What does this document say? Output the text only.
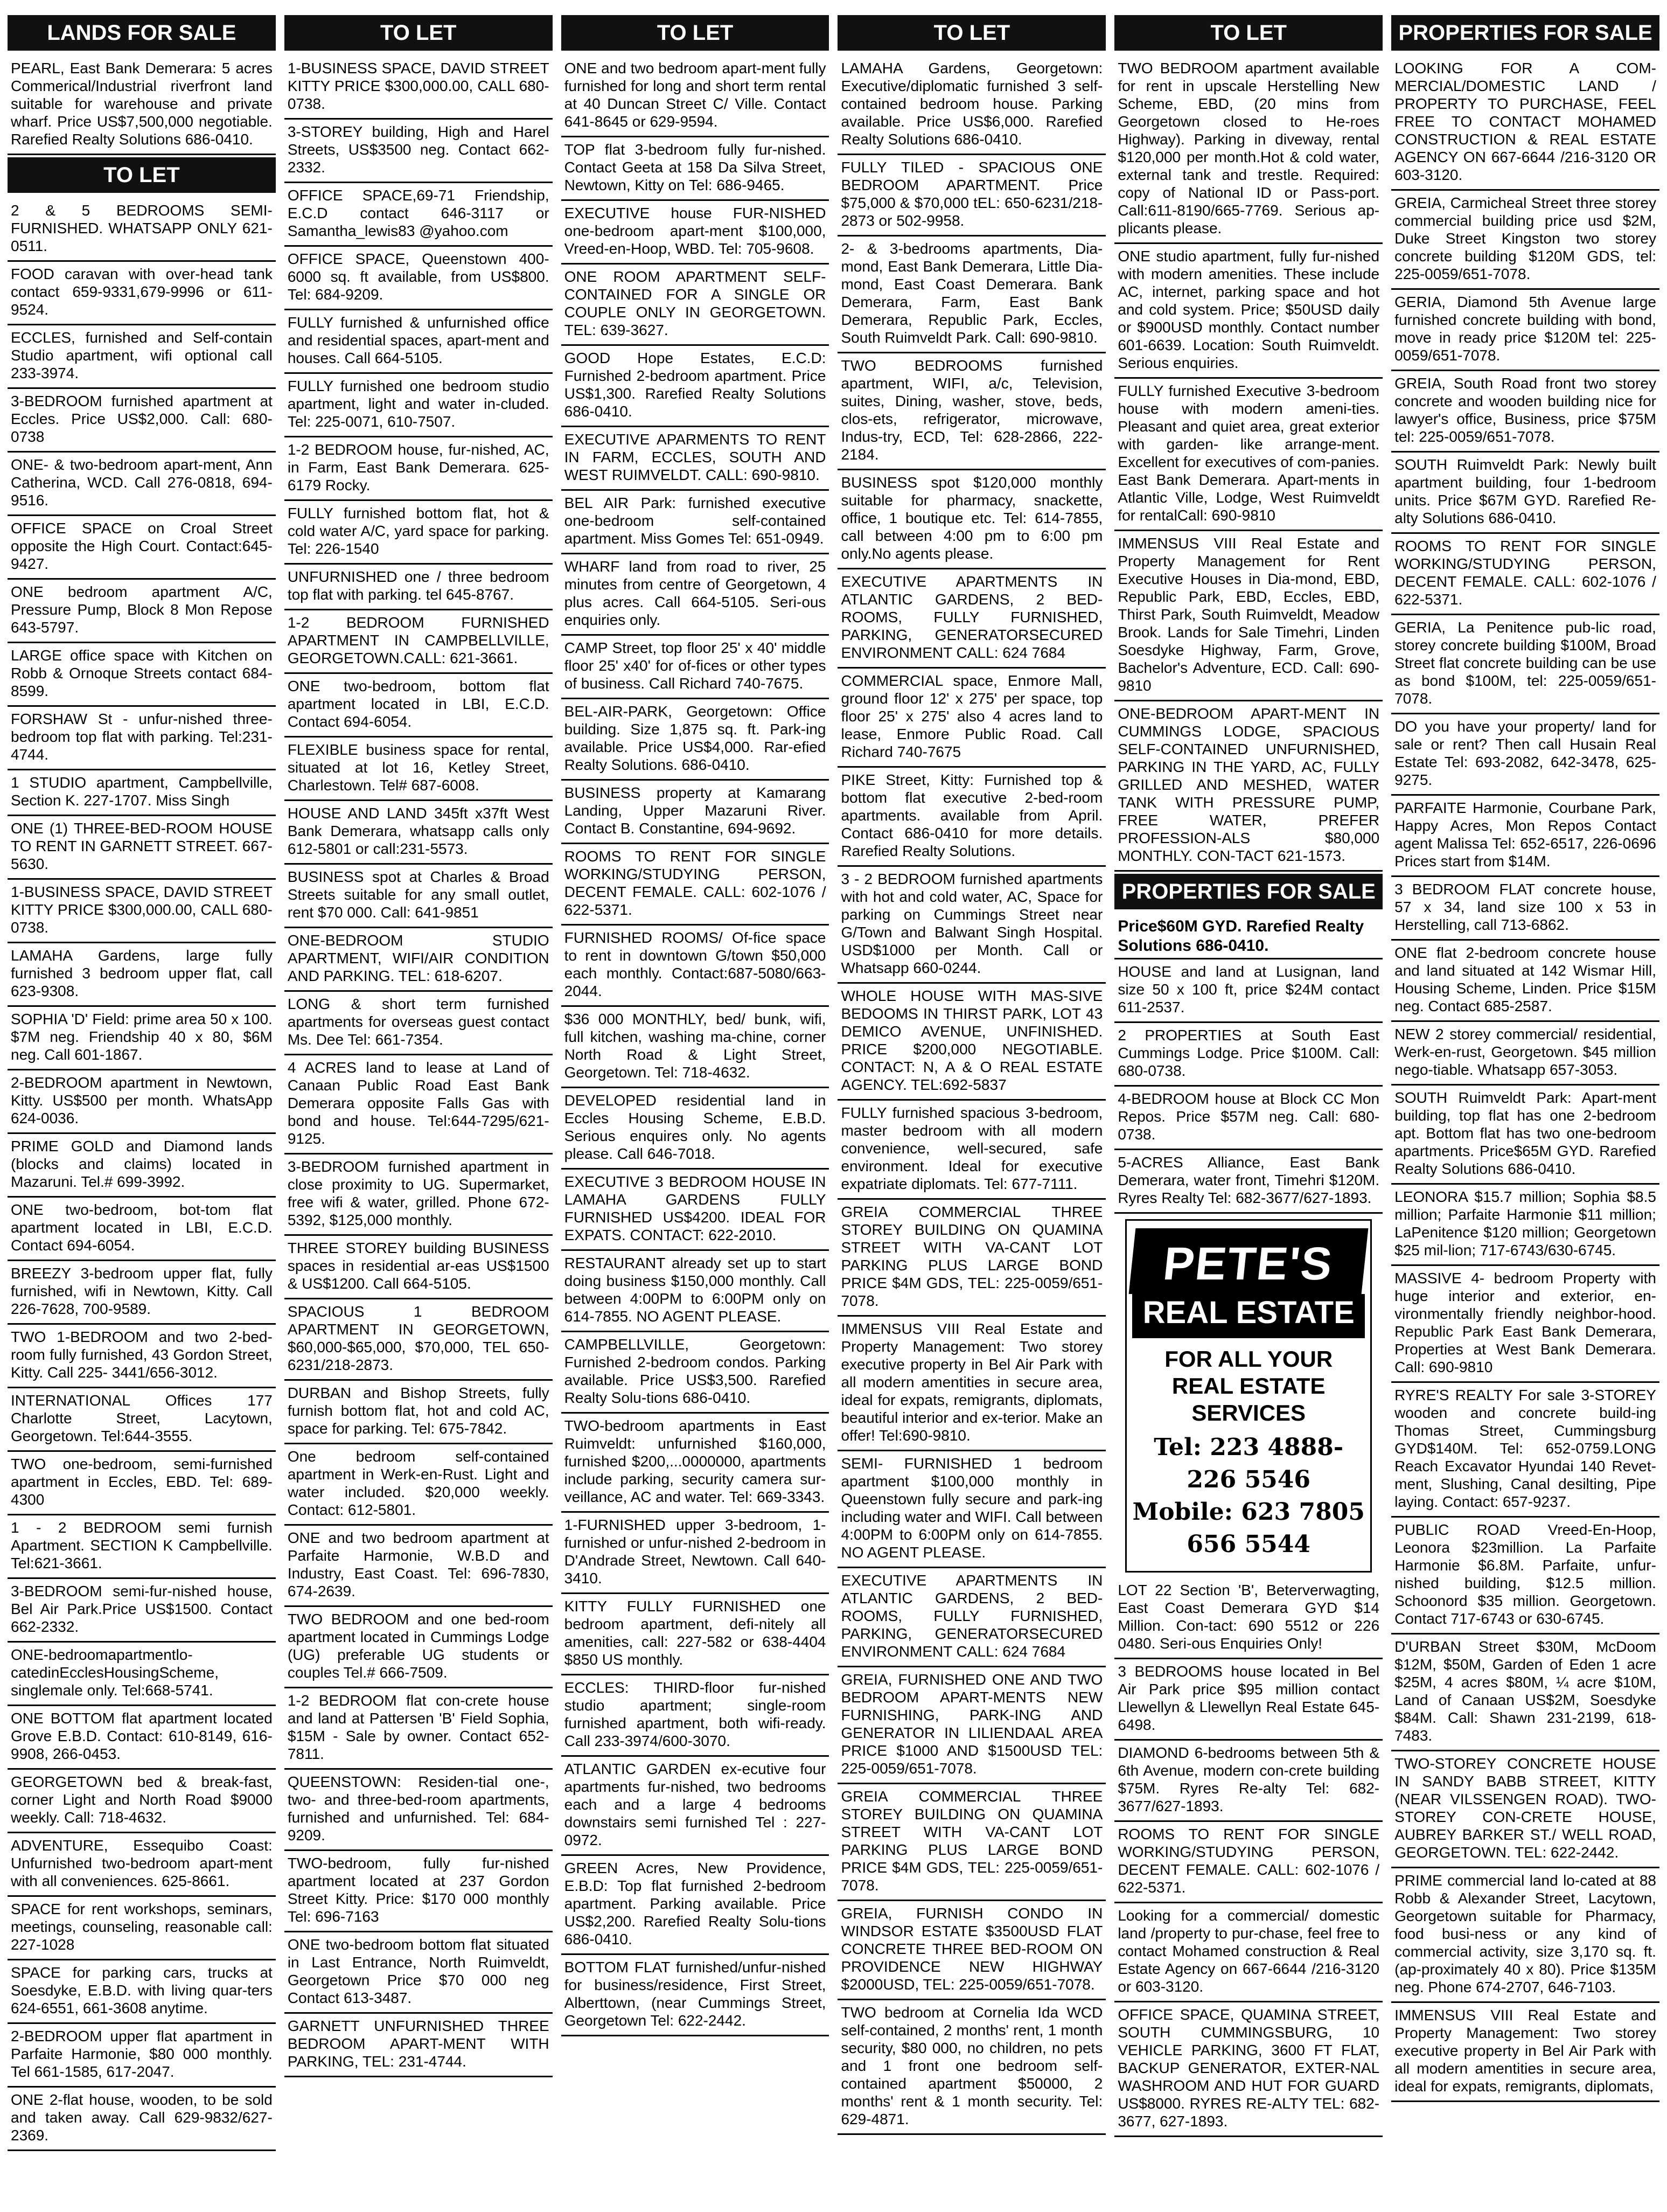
LANDS FOR SALE
PEARL, East Bank Demerara: 5 acres Commerical/Industrial riverfront land suitable for warehouse and private wharf. Price US$7,500,000 negotiable. Rarefied Realty Solutions 686-0410.
TO LET
2 & 5 BEDROOMS SEMI-FURNISHED. WHATSAPP ONLY 621-0511.
FOOD caravan with over-head tank contact 659-9331,679-9996 or 611-9524.
ECCLES, furnished and Self-contain Studio apartment, wifi optional call 233-3974.
3-BEDROOM furnished apartment at Eccles. Price US$2,000. Call: 680-0738
ONE- & two-bedroom apart-ment, Ann Catherina, WCD. Call 276-0818, 694-9516.
OFFICE SPACE on Croal Street opposite the High Court. Contact:645-9427.
ONE bedroom apartment A/C, Pressure Pump, Block 8 Mon Repose 643-5797.
LARGE office space with Kitchen on Robb & Ornoque Streets contact 684-8599.
FORSHAW St - unfur-nished three-bedroom top flat with parking. Tel:231-4744.
1 STUDIO apartment, Campbellville, Section K. 227-1707. Miss Singh
ONE (1) THREE-BED-ROOM HOUSE TO RENT IN GARNETT STREET. 667-5630.
1-BUSINESS SPACE, DAVID STREET KITTY PRICE $300,000.00, CALL 680-0738.
LAMAHA Gardens, large fully furnished 3 bedroom upper flat, call 623-9308.
SOPHIA 'D' Field: prime area 50 x 100. $7M neg. Friendship 40 x 80, $6M neg. Call 601-1867.
2-BEDROOM apartment in Newtown, Kitty. US$500 per month. WhatsApp 624-0036.
PRIME GOLD and Diamond lands (blocks and claims) located in Mazaruni. Tel.# 699-3992.
ONE two-bedroom, bot-tom flat apartment located in LBI, E.C.D. Contact 694-6054.
BREEZY 3-bedroom upper flat, fully furnished, wifi in Newtown, Kitty. Call 226-7628, 700-9589.
TWO 1-BEDROOM and two 2-bed-room fully furnished, 43 Gordon Street, Kitty. Call 225- 3441/656-3012.
INTERNATIONAL Offices 177 Charlotte Street, Lacytown, Georgetown. Tel:644-3555.
TWO one-bedroom, semi-furnished apartment in Eccles, EBD. Tel: 689-4300
1 - 2 BEDROOM semi furnish Apartment. SECTION K Campbellville. Tel:621-3661.
3-BEDROOM semi-fur-nished house, Bel Air Park.Price US$1500. Contact 662-2332.
ONE-bedroomapartmentlo-catedinEcclesHousingScheme, singlemale only. Tel:668-5741.
ONE BOTTOM flat apartment located Grove E.B.D. Contact: 610-8149, 616-9908, 266-0453.
GEORGETOWN bed & break-fast, corner Light and North Road $9000 weekly. Call: 718-4632.
ADVENTURE, Essequibo Coast: Unfurnished two-bedroom apart-ment with all conveniences. 625-8661.
SPACE for rent workshops, seminars, meetings, counseling, reasonable call: 227-1028
SPACE for parking cars, trucks at Soesdyke, E.B.D. with living quar-ters 624-6551, 661-3608 anytime.
2-BEDROOM upper flat apartment in Parfaite Harmonie, $80 000 monthly. Tel 661-1585, 617-2047.
ONE 2-flat house, wooden, to be sold and taken away. Call 629-9832/627-2369.
TO LET
1-BUSINESS SPACE, DAVID STREET KITTY PRICE $300,000.00, CALL 680-0738.
3-STOREY building, High and Harel Streets, US$3500 neg. Contact 662-2332.
OFFICE SPACE,69-71 Friendship, E.C.D contact 646-3117 or Samantha_lewis83 @yahoo.com
OFFICE SPACE, Queenstown 400-6000 sq. ft available, from US$800. Tel: 684-9209.
FULLY furnished & unfurnished office and residential spaces, apart-ment and houses. Call 664-5105.
FULLY furnished one bedroom studio apartment, light and water in-cluded. Tel: 225-0071, 610-7507.
1-2 BEDROOM house, fur-nished, AC, in Farm, East Bank Demerara. 625-6179 Rocky.
FULLY furnished bottom flat, hot & cold water A/C, yard space for parking. Tel: 226-1540
UNFURNISHED one / three bedroom top flat with parking. tel 645-8767.
1-2 BEDROOM FURNISHED APARTMENT IN CAMPBELLVILLE, GEORGETOWN.CALL: 621-3661.
ONE two-bedroom, bottom flat apartment located in LBI, E.C.D. Contact 694-6054.
FLEXIBLE business space for rental, situated at lot 16, Ketley Street, Charlestown. Tel# 687-6008.
HOUSE AND LAND 345ft x37ft West Bank Demerara, whatsapp calls only 612-5801 or call:231-5573.
BUSINESS spot at Charles & Broad Streets suitable for any small outlet, rent $70 000. Call: 641-9851
ONE-BEDROOM STUDIO APARTMENT, WIFI/AIR CONDITION AND PARKING. TEL: 618-6207.
LONG & short term furnished apartments for overseas guest contact Ms. Dee Tel: 661-7354.
4 ACRES land to lease at Land of Canaan Public Road East Bank Demerara opposite Falls Gas with bond and house. Tel:644-7295/621-9125.
3-BEDROOM furnished apartment in close proximity to UG. Supermarket, free wifi & water, grilled. Phone 672-5392, $125,000 monthly.
THREE STOREY building BUSINESS spaces in residential ar-eas US$1500 & US$1200. Call 664-5105.
SPACIOUS 1 BEDROOM APARTMENT IN GEORGETOWN, $60,000-$65,000, $70,000, TEL 650-6231/218-2873.
DURBAN and Bishop Streets, fully furnish bottom flat, hot and cold AC, space for parking. Tel: 675-7842.
One bedroom self-contained apartment in Werk-en-Rust. Light and water included. $20,000 weekly. Contact: 612-5801.
ONE and two bedroom apartment at Parfaite Harmonie, W.B.D and Industry, East Coast. Tel: 696-7830, 674-2639.
TWO BEDROOM and one bed-room apartment located in Cummings Lodge (UG) preferable UG students or couples Tel.# 666-7509.
1-2 BEDROOM flat con-crete house and land at Pattersen 'B' Field Sophia, $15M - Sale by owner. Contact 652-7811.
QUEENSTOWN: Residen-tial one-, two- and three-bed-room apartments, furnished and unfurnished. Tel: 684-9209.
TWO-bedroom, fully fur-nished apartment located at 237 Gordon Street Kitty. Price: $170 000 monthly Tel: 696-7163
ONE two-bedroom bottom flat situated in Last Entrance, North Ruimveldt, Georgetown Price $70 000 neg Contact 613-3487.
GARNETT UNFURNISHED THREE BEDROOM APART-MENT WITH PARKING, TEL: 231-4744.
TO LET
ONE and two bedroom apart-ment fully furnished for long and short term rental at 40 Duncan Street C/ Ville. Contact 641-8645 or 629-9594.
TOP flat 3-bedroom fully fur-nished. Contact Geeta at 158 Da Silva Street, Newtown, Kitty on Tel: 686-9465.
EXECUTIVE house FUR-NISHED one-bedroom apart-ment $100,000, Vreed-en-Hoop, WBD. Tel: 705-9608.
ONE ROOM APARTMENT SELF-CONTAINED FOR A SINGLE OR COUPLE ONLY IN GEORGETOWN. TEL: 639-3627.
GOOD Hope Estates, E.C.D: Furnished 2-bedroom apartment. Price US$1,300. Rarefied Realty Solutions 686-0410.
EXECUTIVE APARMENTS TO RENT IN FARM, ECCLES, SOUTH AND WEST RUIMVELDT. CALL: 690-9810.
BEL AIR Park: furnished executive one-bedroom self-contained apartment. Miss Gomes Tel: 651-0949.
WHARF land from road to river, 25 minutes from centre of Georgetown, 4 plus acres. Call 664-5105. Seri-ous enquiries only.
CAMP Street, top floor 25' x 40' middle floor 25' x40' for of-fices or other types of business. Call Richard 740-7675.
BEL-AIR-PARK, Georgetown: Office building. Size 1,875 sq. ft. Park-ing available. Price US$4,000. Rar-efied Realty Solutions. 686-0410.
BUSINESS property at Kamarang Landing, Upper Mazaruni River. Contact B. Constantine, 694-9692.
ROOMS TO RENT FOR SINGLE WORKING/STUDYING PERSON, DECENT FEMALE. CALL: 602-1076 / 622-5371.
FURNISHED ROOMS/ Of-fice space to rent in downtown G/town $50,000 each monthly. Contact:687-5080/663-2044.
$36 000 MONTHLY, bed/ bunk, wifi, full kitchen, washing ma-chine, corner North Road & Light Street, Georgetown. Tel: 718-4632.
DEVELOPED residential land in Eccles Housing Scheme, E.B.D. Serious enquires only. No agents please. Call 646-7018.
EXECUTIVE 3 BEDROOM HOUSE IN LAMAHA GARDENS FULLY FURNISHED US$4200. IDEAL FOR EXPATS. CONTACT: 622-2010.
RESTAURANT already set up to start doing business $150,000 monthly. Call between 4:00PM to 6:00PM only on 614-7855. NO AGENT PLEASE.
CAMPBELLVILLE, Georgetown: Furnished 2-bedroom condos. Parking available. Price US$3,500. Rarefied Realty Solu-tions 686-0410.
TWO-bedroom apartments in East Ruimveldt: unfurnished $160,000, furnished $200,...0000000, apartments include parking, security camera sur-veillance, AC and water. Tel: 669-3343.
1-FURNISHED upper 3-bedroom, 1-furnished or unfur-nished 2-bedroom in D'Andrade Street, Newtown. Call 640-3410.
KITTY FULLY FURNISHED one bedroom apartment, defi-nitely all amenities, call: 227-582 or 638-4404 $850 US monthly.
ECCLES: THIRD-floor fur-nished studio apartment; single-room furnished apartment, both wifi-ready. Call 233-3974/600-3070.
ATLANTIC GARDEN ex-ecutive four apartments fur-nished, two bedrooms each and a large 4 bedrooms downstairs semi furnished Tel : 227-0972.
GREEN Acres, New Providence, E.B.D: Top flat furnished 2-bedroom apartment. Parking available. Price US$2,200. Rarefied Realty Solu-tions 686-0410.
BOTTOM FLAT furnished/unfur-nished for business/residence, First Street, Alberttown, (near Cummings Street, Georgetown Tel: 622-2442.
TO LET
LAMAHA Gardens, Georgetown: Executive/diplomatic furnished 3 self-contained bedroom house. Parking available. Price US$6,000. Rarefied Realty Solutions 686-0410.
FULLY TILED - SPACIOUS ONE BEDROOM APARTMENT. Price $75,000 & $70,000 tEL: 650-6231/218-2873 or 502-9958.
2- & 3-bedrooms apartments, Dia-mond, East Bank Demerara, Little Dia-mond, East Coast Demerara. Bank Demerara, Farm, East Bank Demerara, Republic Park, Eccles, South Ruimveldt Park. Call: 690-9810.
TWO BEDROOMS furnished apartment, WIFI, a/c, Television, suites, Dining, washer, stove, beds, clos-ets, refrigerator, microwave, Indus-try, ECD, Tel: 628-2866, 222-2184.
BUSINESS spot $120,000 monthly suitable for pharmacy, snackette, office, 1 boutique etc. Tel: 614-7855, call between 4:00 pm to 6:00 pm only.No agents please.
EXECUTIVE APARTMENTS IN ATLANTIC GARDENS, 2 BED-ROOMS, FULLY FURNISHED, PARKING, GENERATORSECURED ENVIRONMENT CALL: 624 7684
COMMERCIAL space, Enmore Mall, ground floor 12' x 275' per space, top floor 25' x 275' also 4 acres land to lease, Enmore Public Road. Call Richard 740-7675
PIKE Street, Kitty: Furnished top & bottom flat executive 2-bed-room apartments. available from April. Contact 686-0410 for more details. Rarefied Realty Solutions.
3 - 2 BEDROOM furnished apartments with hot and cold water, AC, Space for parking on Cummings Street near G/Town and Balwant Singh Hospital. USD$1000 per Month. Call or Whatsapp 660-0244.
WHOLE HOUSE WITH MAS-SIVE BEDOOMS IN THIRST PARK, LOT 43 DEMICO AVENUE, UNFINISHED. PRICE $200,000 NEGOTIABLE. CONTACT: N, A & O REAL ESTATE AGENCY. TEL:692-5837
FULLY furnished spacious 3-bedroom, master bedroom with all modern convenience, well-secured, safe environment. Ideal for executive expatriate diplomats. Tel: 677-7111.
GREIA COMMERCIAL THREE STOREY BUILDING ON QUAMINA STREET WITH VA-CANT LOT PARKING PLUS LARGE BOND PRICE $4M GDS, TEL: 225-0059/651-7078.
IMMENSUS VIII Real Estate and Property Management: Two storey executive property in Bel Air Park with all modern amentities in secure area, ideal for expats, remigrants, diplomats, beautiful interior and ex-terior. Make an offer! Tel:690-9810.
SEMI- FURNISHED 1 bedroom apartment $100,000 monthly in Queenstown fully secure and park-ing including water and WIFI. Call between 4:00PM to 6:00PM only on 614-7855. NO AGENT PLEASE.
EXECUTIVE APARTMENTS IN ATLANTIC GARDENS, 2 BED-ROOMS, FULLY FURNISHED, PARKING, GENERATORSECURED ENVIRONMENT CALL: 624 7684
GREIA, FURNISHED ONE AND TWO BEDROOM APART-MENTS NEW FURNISHING, PARK-ING AND GENERATOR IN LILIENDAAL AREA PRICE $1000 AND $1500USD TEL: 225-0059/651-7078.
GREIA COMMERCIAL THREE STOREY BUILDING ON QUAMINA STREET WITH VA-CANT LOT PARKING PLUS LARGE BOND PRICE $4M GDS, TEL: 225-0059/651-7078.
GREIA, FURNISH CONDO IN WINDSOR ESTATE $3500USD FLAT CONCRETE THREE BED-ROOM ON PROVIDENCE NEW HIGHWAY $2000USD, TEL: 225-0059/651-7078.
TWO bedroom at Cornelia Ida WCD self-contained, 2 months' rent, 1 month security, $80 000, no children, no pets and 1 front one bedroom self-contained apartment $50000, 2 months' rent & 1 month security. Tel: 629-4871.
TO LET
TWO BEDROOM apartment available for rent in upscale Herstelling New Scheme, EBD, (20 mins from Georgetown closed to He-roes Highway). Parking in diveway, rental $120,000 per month.Hot & cold water, external tank and trestle. Required: copy of National ID or Pass-port. Call:611-8190/665-7769. Serious ap-plicants please.
ONE studio apartment, fully fur-nished with modern amenities. These include AC, internet, parking space and hot and cold system. Price; $50USD daily or $900USD monthly. Contact number 601-6639. Location: South Ruimveldt. Serious enquiries.
FULLY furnished Executive 3-bedroom house with modern ameni-ties. Pleasant and quiet area, great exterior with garden- like arrange-ment. Excellent for executives of com-panies. East Bank Demerara. Apart-ments in Atlantic Ville, Lodge, West Ruimveldt for rentalCall: 690-9810
IMMENSUS VIII Real Estate and Property Management for Rent Executive Houses in Dia-mond, EBD, Republic Park, EBD, Eccles, EBD, Thirst Park, South Ruimveldt, Meadow Brook. Lands for Sale Timehri, Linden Soesdyke Highway, Farm, Grove, Bachelor's Adventure, ECD. Call: 690-9810
ONE-BEDROOM APART-MENT IN CUMMINGS LODGE, SPACIOUS SELF-CONTAINED UNFURNISHED, PARKING IN THE YARD, AC, FULLY GRILLED AND MESHED, WATER TANK WITH PRESSURE PUMP, FREE WATER, PREFER PROFESSION-ALS $80,000 MONTHLY. CON-TACT 621-1573.
PROPERTIES FOR SALE
Price$60M GYD. Rarefied Realty Solutions 686-0410.
HOUSE and land at Lusignan, land size 50 x 100 ft, price $24M contact 611-2537.
2 PROPERTIES at South East Cummings Lodge. Price $100M. Call: 680-0738.
4-BEDROOM house at Block CC Mon Repos. Price $57M neg. Call: 680-0738.
5-ACRES Alliance, East Bank Demerara, water front, Timehri $120M. Ryres Realty Tel: 682-3677/627-1893.
PETE'S
REAL ESTATE
FOR ALL YOUR REAL ESTATE SERVICES
Tel: 223 4888-
226 5546
Mobile: 623 7805
656 5544
LOT 22 Section 'B', Beterverwagting, East Coast Demerara GYD $14 Million. Con-tact: 690 5512 or 226 0480. Seri-ous Enquiries Only!
3 BEDROOMS house located in Bel Air Park price $95 million contact Llewellyn & Llewellyn Real Estate 645-6498.
DIAMOND 6-bedrooms between 5th & 6th Avenue, modern con-crete building $75M. Ryres Re-alty Tel: 682-3677/627-1893.
ROOMS TO RENT FOR SINGLE WORKING/STUDYING PERSON, DECENT FEMALE. CALL: 602-1076 / 622-5371.
Looking for a commercial/ domestic land /property to pur-chase, feel free to contact Mohamed construction & Real Estate Agency on 667-6644 /216-3120 or 603-3120.
OFFICE SPACE, QUAMINA STREET, SOUTH CUMMINGSBURG, 10 VEHICLE PARKING, 3600 FT FLAT, BACKUP GENERATOR, EXTER-NAL WASHROOM AND HUT FOR GUARD US$8000. RYRES RE-ALTY TEL: 682-3677, 627-1893.
PROPERTIES FOR SALE
LOOKING FOR A COM-MERCIAL/DOMESTIC LAND / PROPERTY TO PURCHASE, FEEL FREE TO CONTACT MOHAMED CONSTRUCTION & REAL ESTATE AGENCY ON 667-6644 /216-3120 OR 603-3120.
GREIA, Carmicheal Street three storey commercial building price usd $2M, Duke Street Kingston two storey concrete building $120M GDS, tel: 225-0059/651-7078.
GERIA, Diamond 5th Avenue large furnished concrete building with bond, move in ready price $120M tel: 225-0059/651-7078.
GREIA, South Road front two storey concrete and wooden building nice for lawyer's office, Business, price $75M tel: 225-0059/651-7078.
SOUTH Ruimveldt Park: Newly built apartment building, four 1-bedroom units. Price $67M GYD. Rarefied Re-alty Solutions 686-0410.
ROOMS TO RENT FOR SINGLE WORKING/STUDYING PERSON, DECENT FEMALE. CALL: 602-1076 / 622-5371.
GERIA, La Penitence pub-lic road, storey concrete building $100M, Broad Street flat concrete building can be use as bond $100M, tel: 225-0059/651-7078.
DO you have your property/ land for sale or rent? Then call Husain Real Estate Tel: 693-2082, 642-3478, 625-9275.
PARFAITE Harmonie, Courbane Park, Happy Acres, Mon Repos Contact agent Malissa Tel: 652-6517, 226-0696 Prices start from $14M.
3 BEDROOM FLAT concrete house, 57 x 34, land size 100 x 53 in Herstelling, call 713-6862.
ONE flat 2-bedroom concrete house and land situated at 142 Wismar Hill, Housing Scheme, Linden. Price $15M neg. Contact 685-2587.
NEW 2 storey commercial/ residential, Werk-en-rust, Georgetown. $45 million nego-tiable. Whatsapp 657-3053.
SOUTH Ruimveldt Park: Apart-ment building, top flat has one 2-bedroom apt. Bottom flat has two one-bedroom apartments. Price$65M GYD. Rarefied Realty Solutions 686-0410.
LEONORA $15.7 million; Sophia $8.5 million; Parfaite Harmonie $11 million; LaPenitence $120 million; Georgetown $25 mil-lion; 717-6743/630-6745.
MASSIVE 4- bedroom Property with huge interior and exterior, en-vironmentally friendly neighbor-hood. Republic Park East Bank Demerara, Properties at West Bank Demerara. Call: 690-9810
RYRE'S REALTY For sale 3-STOREY wooden and concrete build-ing Thomas Street, Cummingsburg GYD$140M. Tel: 652-0759.LONG Reach Excavator Hyundai 140 Revet-ment, Slushing, Canal desilting, Pipe laying. Contact: 657-9237.
PUBLIC ROAD Vreed-En-Hoop, Leonora $23million. La Parfaite Harmonie $6.8M. Parfaite, unfur-nished building, $12.5 million. Schoonord $35 million. Georgetown. Contact 717-6743 or 630-6745.
D'URBAN Street $30M, McDoom $12M, $50M, Garden of Eden 1 acre $25M, 4 acres $80M, ¼ acre $10M, Land of Canaan US$2M, Soesdyke $84M. Call: Shawn 231-2199, 618-7483.
TWO-STOREY CONCRETE HOUSE IN SANDY BABB STREET, KITTY (NEAR VILSSENGEN ROAD). TWO-STOREY CON-CRETE HOUSE, AUBREY BARKER ST./ WELL ROAD, GEORGETOWN. TEL: 622-2442.
PRIME commercial land lo-cated at 88 Robb & Alexander Street, Lacytown, Georgetown suitable for Pharmacy, food busi-ness or any kind of commercial activity, size 3,170 sq. ft. (ap-proximately 40 x 80). Price $135M neg. Phone 674-2707, 646-7103.
IMMENSUS VIII Real Estate and Property Management: Two storey executive property in Bel Air Park with all modern amentities in secure area, ideal for expats, remigrants, diplomats,
